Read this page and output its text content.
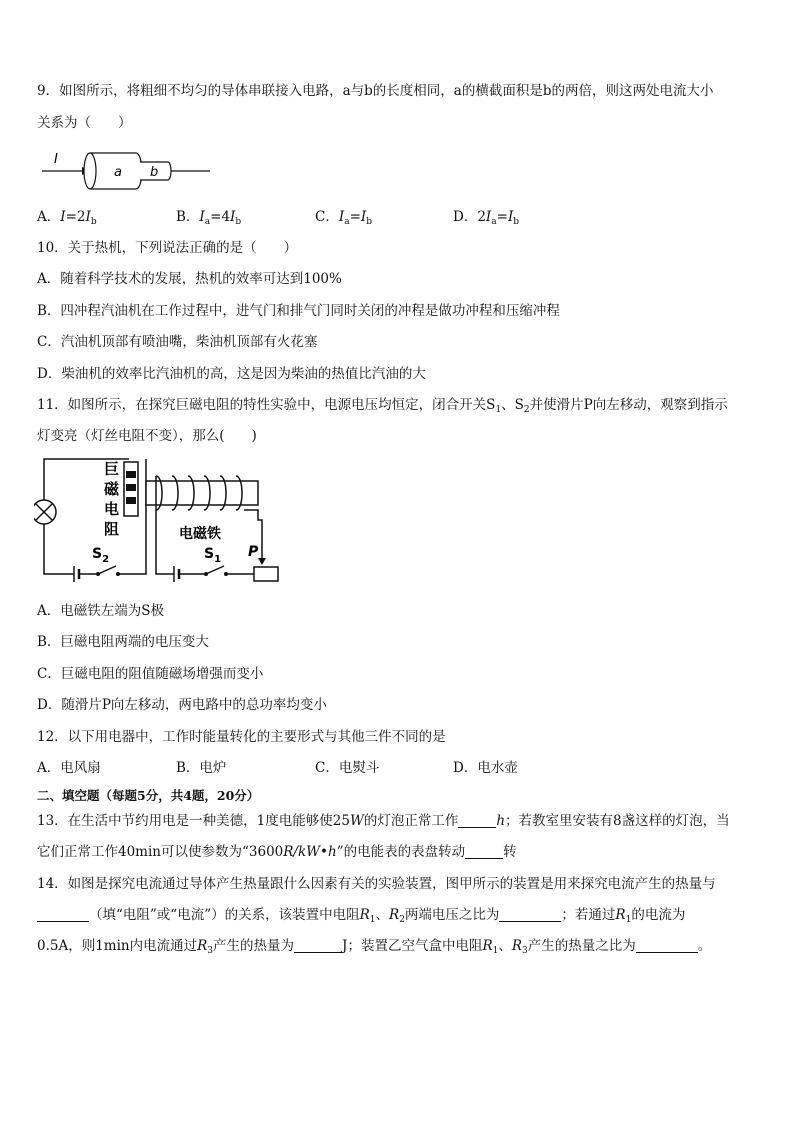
9．如图所示，将粗细不均匀的导体串联接入电路，a与b的长度相同，a的横截面积是b的两倍，则这两处电流大小
关系为（　　）
I
a b
A．$I=2I_b$	B．$I_a=4I_b$	C．$I_a=I_b$	D．$2I_a=I_b$
10．关于热机，下列说法正确的是（　　）
A．随着科学技术的发展，热机的效率可达到100%
B．四冲程汽油机在工作过程中，进气门和排气门同时关闭的冲程是做功冲程和压缩冲程
C．汽油机顶部有喷油嘴，柴油机顶部有火花塞
D．柴油机的效率比汽油机的高，这是因为柴油的热值比汽油的大
11．如图所示，在探究巨磁电阻的特性实验中，电源电压均恒定，闭合开关$S_1$、$S_2$并使滑片P向左移动，观察到指示
灯变亮（灯丝电阻不变），那么(　　)
$S_2$
巨
磁
电
阻	电磁铁
$S_1$ P
A．电磁铁左端为S极
B．巨磁电阻两端的电压变大
C．巨磁电阻的阻值随磁场增强而变小
D．随滑片P向左移动，两电路中的总功率均变小
12．以下用电器中，工作时能量转化的主要形式与其他三件不同的是
A．电风扇	B．电炉	C．电熨斗	D．电水壶
二、填空题（每题5分，共4题，20分）
13．在生活中节约用电是一种美德，1度电能够使25W的灯泡正常工作	h；若教室里安装有8盏这样的灯泡，当
它们正常工作40min可以使参数为“3600R/kW•h”的电能表的表盘转动	转
14．如图是探究电流通过导体产生热量跟什么因素有关的实验装置，图甲所示的装置是用来探究电流产生的热量与
（填“电阻”或“电流”）的关系，该装置中电阻$R_1$、$R_2$两端电压之比为	；若通过$R_1$的电流为
0.5A，则1min内电流通过$R_3$产生的热量为	J；装置乙空气盒中电阻$R_1$、$R_3$产生的热量之比为	。
